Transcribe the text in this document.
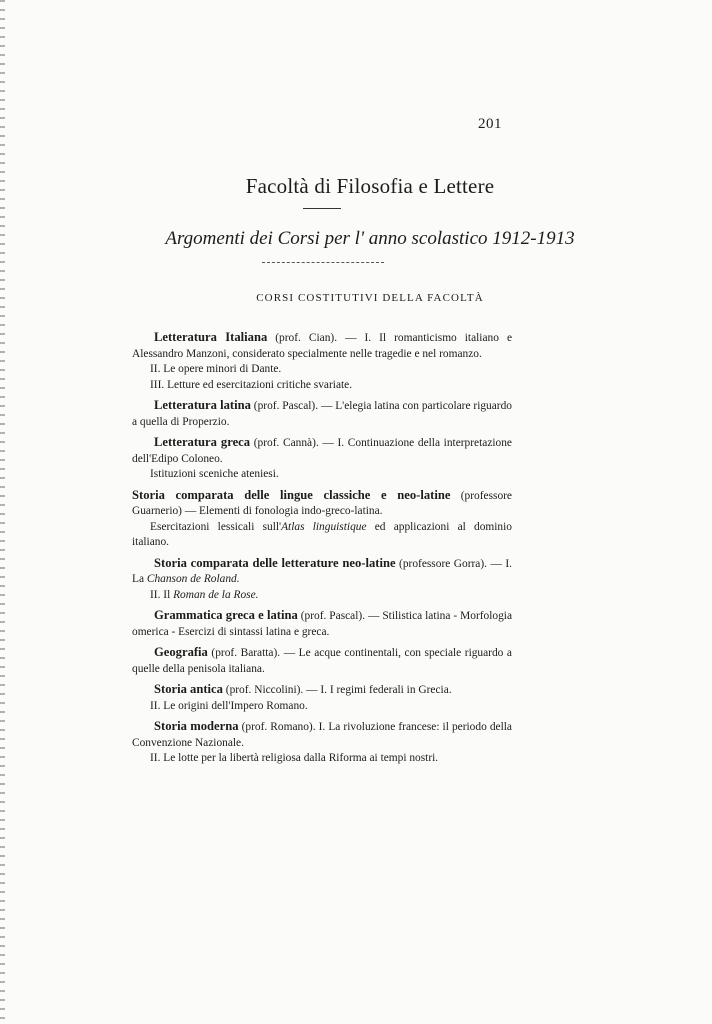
201
Facoltà di Filosofia e Lettere
Argomenti dei Corsi per l' anno scolastico 1912-1913
CORSI COSTITUTIVI DELLA FACOLTÀ

Letteratura Italiana (prof. Cian). — I. Il romanticismo italiano e Alessandro Manzoni, considerato specialmente nelle tragedie e nel romanzo.

II. Le opere minori di Dante.

III. Letture ed esercitazioni critiche svariate.

Letteratura latina (prof. Pascal). — L'elegia latina con particolare riguardo a quella di Properzio.

Letteratura greca (prof. Cannà). — I. Continuazione della interpretazione dell'Edipo Coloneo.

Istituzioni sceniche ateniesi.

Storia comparata delle lingue classiche e neo-latine (professore Guarnerio) — Elementi di fonologia indo-greco-latina.

Esercitazioni lessicali sull'Atlas linguistique ed applicazioni al dominio italiano.

Storia comparata delle letterature neo-latine (professore Gorra). — I. La Chanson de Roland.

II. Il Roman de la Rose.

Grammatica greca e latina (prof. Pascal). — Stilistica latina - Morfologia omerica - Esercizi di sintassi latina e greca.

Geografia (prof. Baratta). — Le acque continentali, con speciale riguardo a quelle della penisola italiana.

Storia antica (prof. Niccolini). — I. I regimi federali in Grecia.

II. Le origini dell'Impero Romano.

Storia moderna (prof. Romano). I. La rivoluzione francese: il periodo della Convenzione Nazionale.

II. Le lotte per la libertà religiosa dalla Riforma ai tempi nostri.
